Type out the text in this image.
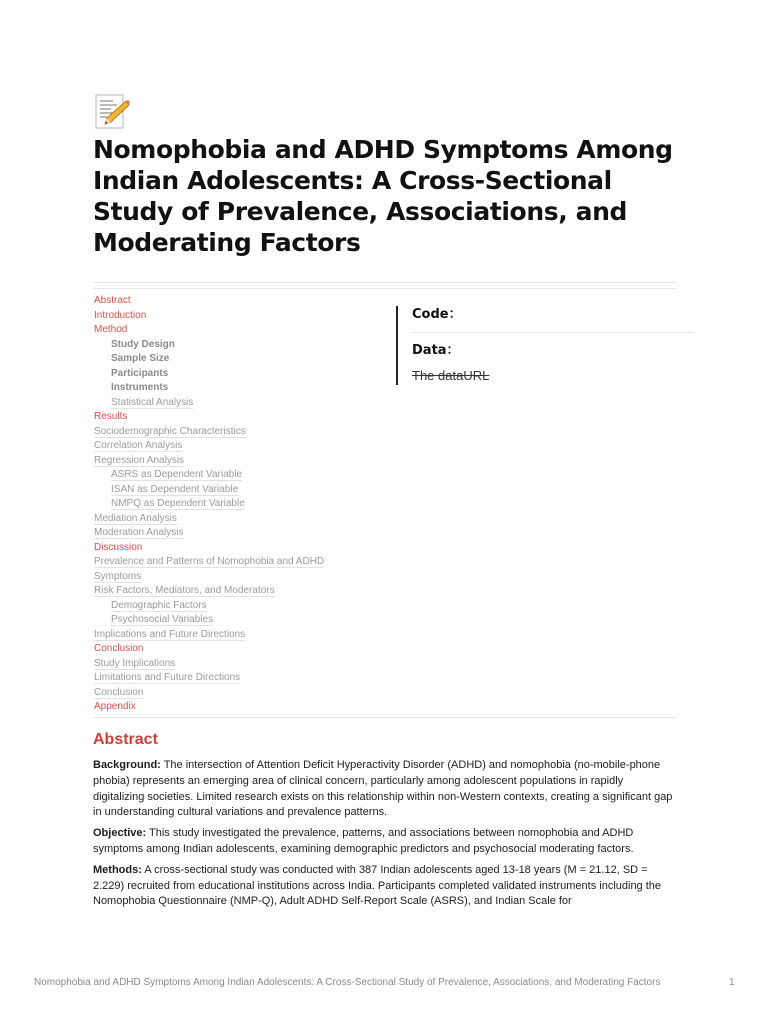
Nomophobia and ADHD Symptoms Among Indian Adolescents: A Cross-Sectional Study of Prevalence, Associations, and Moderating Factors
Abstract
Introduction
Method
Study Design
Sample Size
Participants
Instruments
Statistical Analysis
Results
Sociodemographic Characteristics
Correlation Analysis
Regression Analysis
ASRS as Dependent Variable
ISAN as Dependent Variable
NMPQ as Dependent Variable
Mediation Analysis
Moderation Analysis
Discussion
Prevalence and Patterns of Nomophobia and ADHD Symptoms
Risk Factors, Mediators, and Moderators
Demographic Factors
Psychosocial Variables
Implications and Future Directions
Conclusion
Study Implications
Limitations and Future Directions
Conclusion
Appendix
Code：
Data：
The dataURL
Abstract

Background: The intersection of Attention Deficit Hyperactivity Disorder (ADHD) and nomophobia (no-mobile-phone phobia) represents an emerging area of clinical concern, particularly among adolescent populations in rapidly digitalizing societies. Limited research exists on this relationship within non-Western contexts, creating a significant gap in understanding cultural variations and prevalence patterns.

Objective: This study investigated the prevalence, patterns, and associations between nomophobia and ADHD symptoms among Indian adolescents, examining demographic predictors and psychosocial moderating factors.

Methods: A cross-sectional study was conducted with 387 Indian adolescents aged 13-18 years (M = 21.12, SD = 2.229) recruited from educational institutions across India. Participants completed validated instruments including the Nomophobia Questionnaire (NMP-Q), Adult ADHD Self-Report Scale (ASRS), and Indian Scale for

Nomophobia and ADHD Symptoms Among Indian Adolescents: A Cross-Sectional Study of Prevalence, Associations, and Moderating Factors	1
